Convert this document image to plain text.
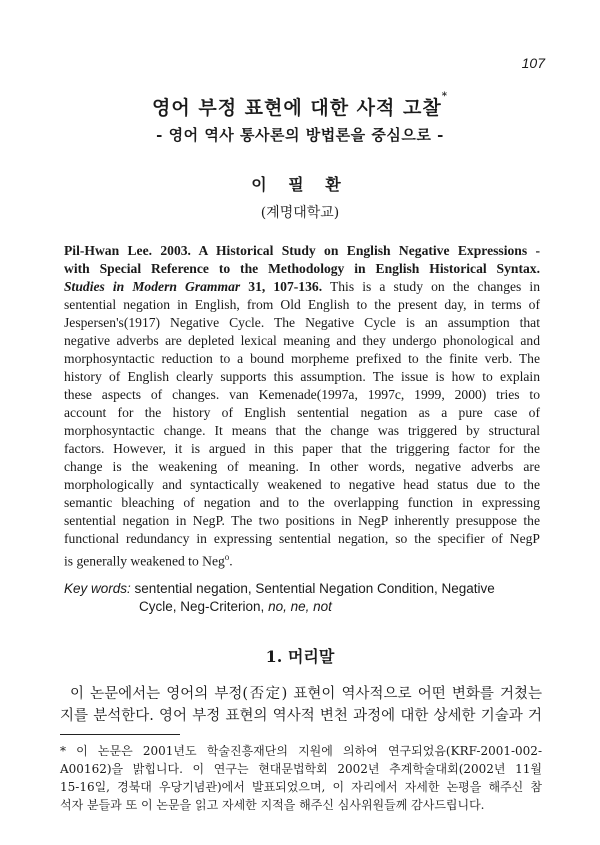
107
영어 부정 표현에 대한 사적 고찰*
- 영어 역사 통사론의 방법론을 중심으로 -
이 필 환
(계명대학교)
Pil-Hwan Lee. 2003. A Historical Study on English Negative Expressions -
with Special Reference to the Methodology in English Historical Syntax.
Studies in Modern Grammar 31, 107-136. This is a study on the changes in
sentential negation in English, from Old English to the present day, in terms of
Jespersen's(1917) Negative Cycle. The Negative Cycle is an assumption that
negative adverbs are depleted lexical meaning and they undergo phonological and
morphosyntactic reduction to a bound morpheme prefixed to the finite verb. The
history of English clearly supports this assumption. The issue is how to explain
these aspects of changes. van Kemenade(1997a, 1997c, 1999, 2000) tries to
account for the history of English sentential negation as a pure case of
morphosyntactic change. It means that the change was triggered by structural
factors. However, it is argued in this paper that the triggering factor for the
change is the weakening of meaning. In other words, negative adverbs are
morphologically and syntactically weakened to negative head status due to the
semantic bleaching of negation and to the overlapping function in expressing
sentential negation in NegP. The two positions in NegP inherently presuppose the
functional redundancy in expressing sentential negation, so the specifier of NegP
is generally weakened to Neg$^o$.
Key words: sentential negation, Sentential Negation Condition, Negative
Cycle, Neg-Criterion, no, ne, not
1. 머리말
이 논문에서는 영어의 부정(否定) 표현이 역사적으로 어떤 변화를 거쳤는
지를 분석한다. 영어 부정 표현의 역사적 변천 과정에 대한 상세한 기술과 거
* 이 논문은 2001년도 학술진흥재단의 지원에 의하여 연구되었음(KRF-2001-002-
A00162)을 밝힙니다. 이 연구는 현대문법학회 2002년 추계학술대회(2002년 11월
15-16일, 경북대 우당기념관)에서 발표되었으며, 이 자리에서 자세한 논평을 해주신 참
석자 분들과 또 이 논문을 읽고 자세한 지적을 해주신 심사위원들께 감사드립니다.
